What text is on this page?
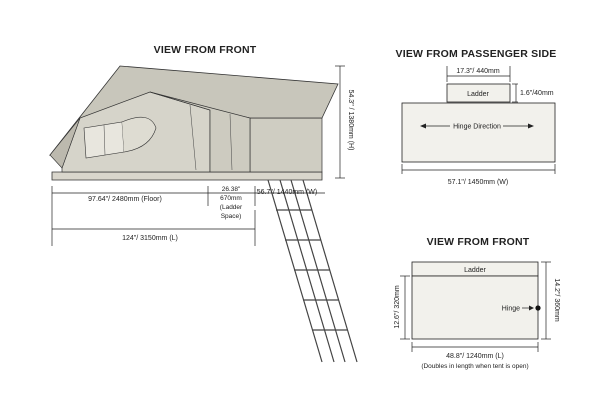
VIEW FROM FRONT
54.3" / 1380mm (H)
97.64"/ 2480mm (Floor)
56.7"/ 1440mm (W)
26.38"
670mm
(Ladder
Space)
124"/ 3150mm (L)
VIEW FROM PASSENGER SIDE
17.3"/ 440mm
Ladder	1.6"/40mm
Hinge Direction
57.1"/ 1450mm (W)
VIEW FROM FRONT
Ladder
Hinge
12.6"/ 320mm	14.2"/ 360mm
48.8"/ 1240mm (L)
(Doubles in length when tent is open)
